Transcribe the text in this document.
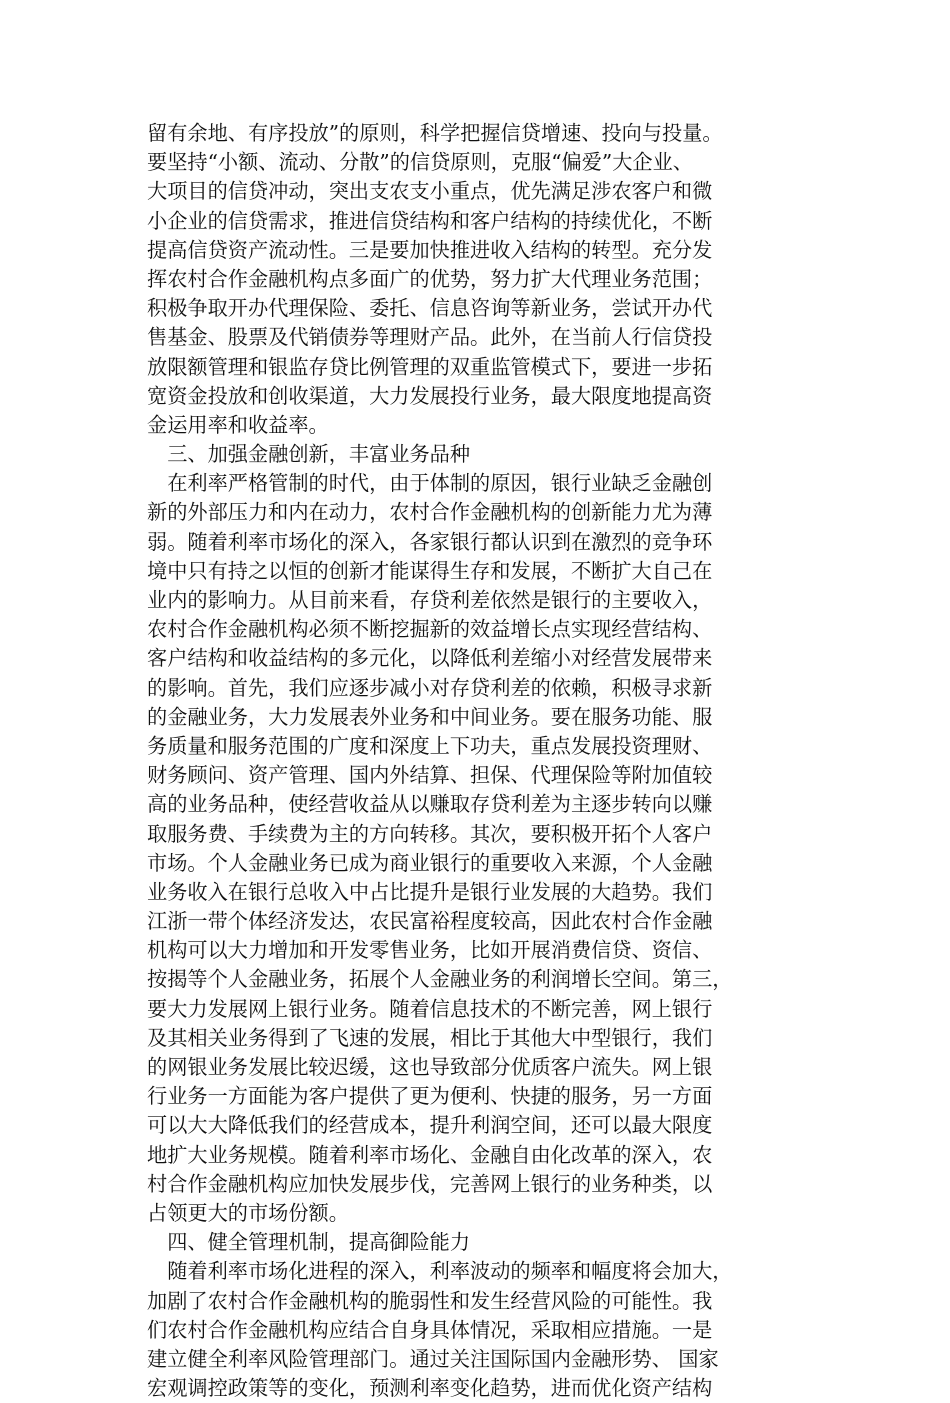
留有余地、有序投放”的原则，科学把握信贷增速、投向与投量。
要坚持“小额、流动、分散”的信贷原则，克服“偏爱”大企业、
大项目的信贷冲动，突出支农支小重点，优先满足涉农客户和微
小企业的信贷需求，推进信贷结构和客户结构的持续优化，不断
提高信贷资产流动性。三是要加快推进收入结构的转型。充分发
挥农村合作金融机构点多面广的优势，努力扩大代理业务范围；
积极争取开办代理保险、委托、信息咨询等新业务，尝试开办代
售基金、股票及代销债券等理财产品。此外，在当前人行信贷投
放限额管理和银监存贷比例管理的双重监管模式下，要进一步拓
宽资金投放和创收渠道，大力发展投行业务，最大限度地提高资
金运用率和收益率。
　三、加强金融创新，丰富业务品种
　在利率严格管制的时代，由于体制的原因，银行业缺乏金融创
新的外部压力和内在动力，农村合作金融机构的创新能力尤为薄
弱。随着利率市场化的深入，各家银行都认识到在激烈的竞争环
境中只有持之以恒的创新才能谋得生存和发展，不断扩大自己在
业内的影响力。从目前来看，存贷利差依然是银行的主要收入，
农村合作金融机构必须不断挖掘新的效益增长点实现经营结构、
客户结构和收益结构的多元化，以降低利差缩小对经营发展带来
的影响。首先，我们应逐步减小对存贷利差的依赖，积极寻求新
的金融业务，大力发展表外业务和中间业务。要在服务功能、服
务质量和服务范围的广度和深度上下功夫，重点发展投资理财、
财务顾问、资产管理、国内外结算、担保、代理保险等附加值较
高的业务品种，使经营收益从以赚取存贷利差为主逐步转向以赚
取服务费、手续费为主的方向转移。其次，要积极开拓个人客户
市场。个人金融业务已成为商业银行的重要收入来源，个人金融
业务收入在银行总收入中占比提升是银行业发展的大趋势。我们
江浙一带个体经济发达，农民富裕程度较高，因此农村合作金融
机构可以大力增加和开发零售业务，比如开展消费信贷、资信、
按揭等个人金融业务，拓展个人金融业务的利润增长空间。第三，
要大力发展网上银行业务。随着信息技术的不断完善，网上银行
及其相关业务得到了飞速的发展，相比于其他大中型银行，我们
的网银业务发展比较迟缓，这也导致部分优质客户流失。网上银
行业务一方面能为客户提供了更为便利、快捷的服务，另一方面
可以大大降低我们的经营成本，提升利润空间，还可以最大限度
地扩大业务规模。随着利率市场化、金融自由化改革的深入，农
村合作金融机构应加快发展步伐，完善网上银行的业务种类，以
占领更大的市场份额。
　四、健全管理机制，提高御险能力
　随着利率市场化进程的深入，利率波动的频率和幅度将会加大，
加剧了农村合作金融机构的脆弱性和发生经营风险的可能性。我
们农村合作金融机构应结合自身具体情况，采取相应措施。一是
建立健全利率风险管理部门。通过关注国际国内金融形势、 国家
宏观调控政策等的变化，预测利率变化趋势，进而优化资产结构
